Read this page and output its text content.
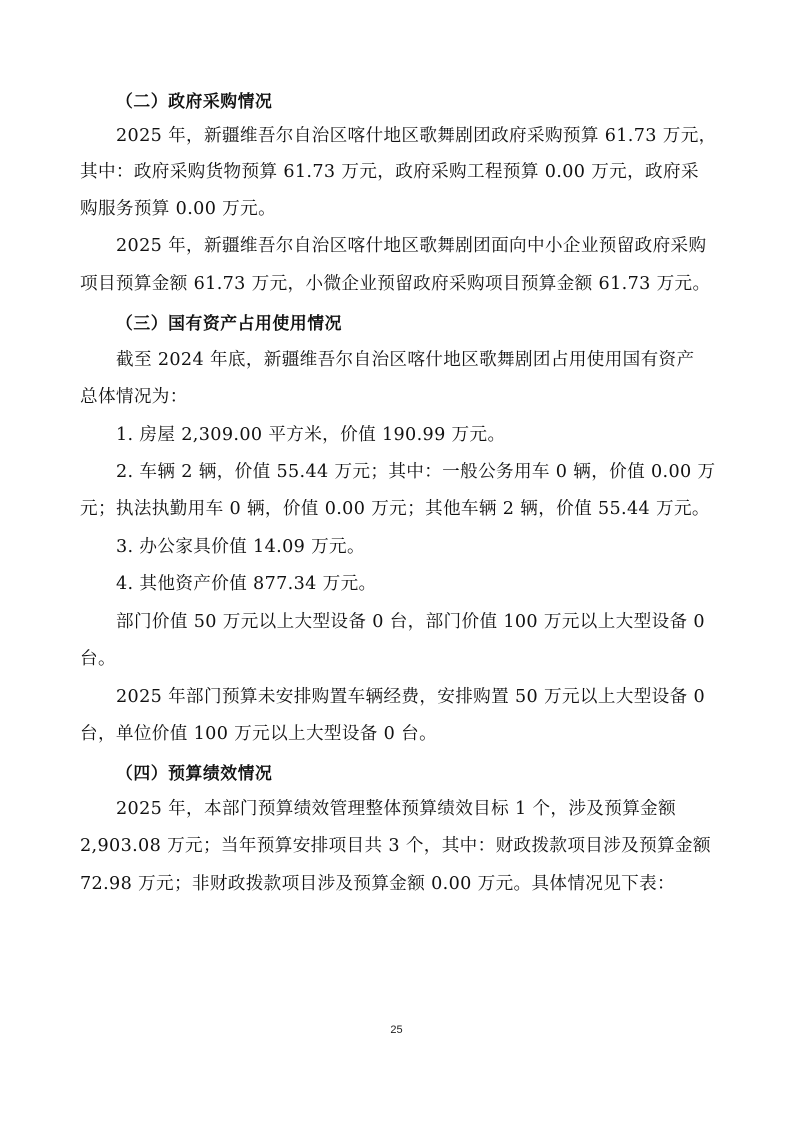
（二）政府采购情况
2025 年，新疆维吾尔自治区喀什地区歌舞剧团政府采购预算 61.73 万元，
其中：政府采购货物预算 61.73 万元，政府采购工程预算 0.00 万元，政府采
购服务预算 0.00 万元。
2025 年，新疆维吾尔自治区喀什地区歌舞剧团面向中小企业预留政府采购
项目预算金额 61.73 万元，小微企业预留政府采购项目预算金额 61.73 万元。
（三）国有资产占用使用情况
截至 2024 年底，新疆维吾尔自治区喀什地区歌舞剧团占用使用国有资产
总体情况为：
1. 房屋 2,309.00 平方米，价值 190.99 万元。
2. 车辆 2 辆，价值 55.44 万元；其中：一般公务用车 0 辆，价值 0.00 万
元；执法执勤用车 0 辆，价值 0.00 万元；其他车辆 2 辆，价值 55.44 万元。
3. 办公家具价值 14.09 万元。
4. 其他资产价值 877.34 万元。
部门价值 50 万元以上大型设备 0 台，部门价值 100 万元以上大型设备 0
台。
2025 年部门预算未安排购置车辆经费，安排购置 50 万元以上大型设备 0
台，单位价值 100 万元以上大型设备 0 台。
（四）预算绩效情况
2025 年，本部门预算绩效管理整体预算绩效目标 1 个，涉及预算金额
2,903.08 万元；当年预算安排项目共 3 个，其中：财政拨款项目涉及预算金额
72.98 万元；非财政拨款项目涉及预算金额 0.00 万元。具体情况见下表：
25
